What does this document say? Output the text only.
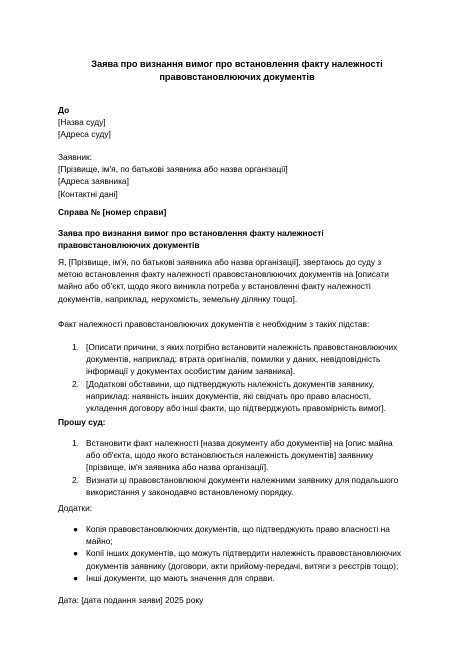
Заява про визнання вимог про встановлення факту належності
правовстановлюючих документів
До
[Назва суду]
[Адреса суду]
Заявник:
[Прізвище, ім'я, по батькові заявника або назва організації]
[Адреса заявника]
[Контактні дані]
Справа № [номер справи]
Заява про визнання вимог про встановлення факту належності
правовстановлюючих документів
Я, [Прізвище, ім'я, по батькові заявника або назва організації], звертаюсь до суду з
метою встановлення факту належності правовстановлюючих документів на [описати
майно або об'єкт, щодо якого виникла потреба у встановленні факту належності
документів, наприклад, нерухомість, земельну ділянку тощо].
Факт належності правовстановлюючих документів є необхідним з таких підстав:
1. [Описати причини, з яких потрібно встановити належність правовстановлюючих
документів, наприклад: втрата оригіналів, помилки у даних, невідповідність
інформації у документах особистим даним заявника].
2. [Додаткові обставини, що підтверджують належність документів заявнику,
наприклад: наявність інших документів, які свідчать про право власності,
укладення договору або інші факти, що підтверджують правомірність вимог].
Прошу суд:
1. Встановити факт належності [назва документу або документів] на [опис майна
або об'єкта, щодо якого встановлюється належність документів] заявнику
[прізвище, ім'я заявника або назва організації].
2. Визнати ці правовстановлюючі документи належними заявнику для подальшого
використання у законодавчо встановленому порядку.
Додатки:
● Копія правовстановлюючих документів, що підтверджують право власності на
майно;
● Копії інших документів, що можуть підтвердити належність правовстановлюючих
документів заявнику (договори, акти прийому-передачі, витяги з реєстрів тощо);
● Інші документи, що мають значення для справи.
Дата: [дата подання заяви] 2025 року
